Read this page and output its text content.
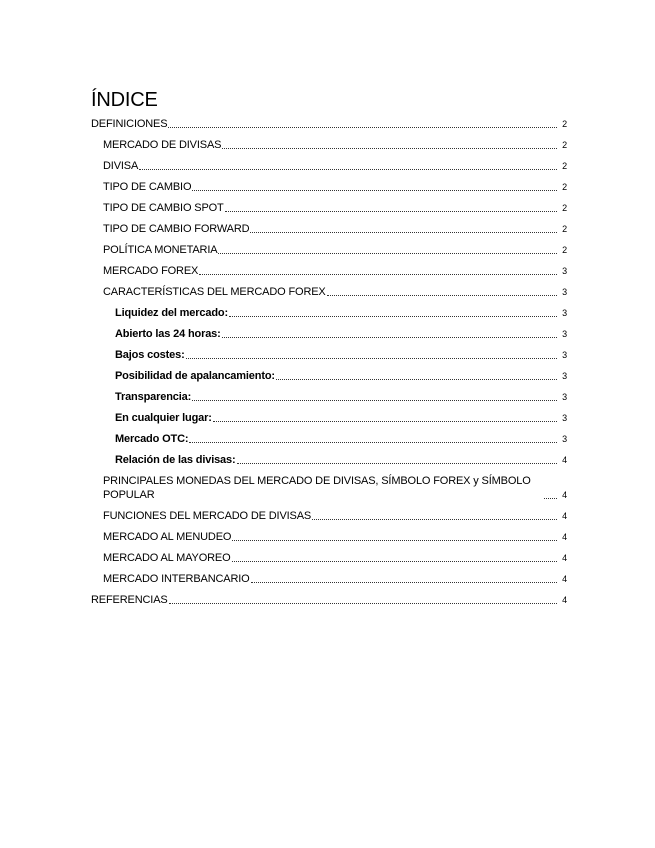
ÍNDICE
DEFINICIONES	2
MERCADO DE DIVISAS	2
DIVISA	2
TIPO DE CAMBIO	2
TIPO DE CAMBIO SPOT	2
TIPO DE CAMBIO FORWARD	2
POLÍTICA MONETARIA	2
MERCADO FOREX	3
CARACTERÍSTICAS DEL MERCADO FOREX	3
Liquidez del mercado:	3
Abierto las 24 horas:	3
Bajos costes:	3
Posibilidad de apalancamiento:	3
Transparencia:	3
En cualquier lugar:	3
Mercado OTC:	3
Relación de las divisas:	4
PRINCIPALES MONEDAS DEL MERCADO DE DIVISAS, SÍMBOLO FOREX y SÍMBOLO POPULAR	4
FUNCIONES DEL MERCADO DE DIVISAS	4
MERCADO AL MENUDEO	4
MERCADO AL MAYOREO	4
MERCADO INTERBANCARIO	4
REFERENCIAS	4
